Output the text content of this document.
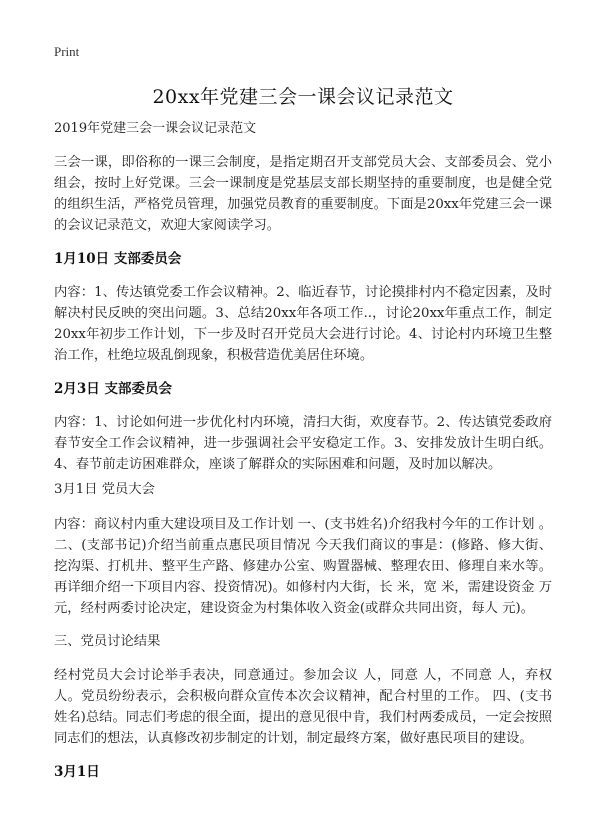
Print
20xx年党建三会一课会议记录范文

2019年党建三会一课会议记录范文

三会一课，即俗称的一课三会制度，是指定期召开支部党员大会、支部委员会、党小组会，按时上好党课。三会一课制度是党基层支部长期坚持的重要制度，也是健全党的组织生活，严格党员管理，加强党员教育的重要制度。下面是20xx年党建三会一课的会议记录范文，欢迎大家阅读学习。

1月10日 支部委员会

内容：1、传达镇党委工作会议精神。2、临近春节，讨论摸排村内不稳定因素，及时解决村民反映的突出问题。3、总结20xx年各项工作..，讨论20xx年重点工作，制定20xx年初步工作计划，下一步及时召开党员大会进行讨论。4、讨论村内环境卫生整治工作，杜绝垃圾乱倒现象，积极营造优美居住环境。

2月3日 支部委员会

内容：1、讨论如何进一步优化村内环境，清扫大街，欢度春节。2、传达镇党委政府春节安全工作会议精神，进一步强调社会平安稳定工作。3、安排发放计生明白纸。4、春节前走访困难群众，座谈了解群众的实际困难和问题，及时加以解决。

3月1日 党员大会

内容：商议村内重大建设项目及工作计划 一、(支书姓名)介绍我村今年的工作计划 。二、(支部书记)介绍当前重点惠民项目情况 今天我们商议的事是：(修路、修大街、挖沟渠、打机井、整平生产路、修建办公室、购置器械、整理农田、修理自来水等。再详细介绍一下项目内容、投资情况)。如修村内大街，长 米，宽 米，需建设资金 万元，经村两委讨论决定，建设资金为村集体收入资金(或群众共同出资，每人 元)。

三、党员讨论结果

经村党员大会讨论举手表决，同意通过。参加会议 人，同意 人，不同意 人，弃权 人。党员纷纷表示，会积极向群众宣传本次会议精神，配合村里的工作。 四、(支书姓名)总结。同志们考虑的很全面，提出的意见很中肯，我们村两委成员，一定会按照同志们的想法，认真修改初步制定的计划，制定最终方案，做好惠民项目的建设。

3月1日
